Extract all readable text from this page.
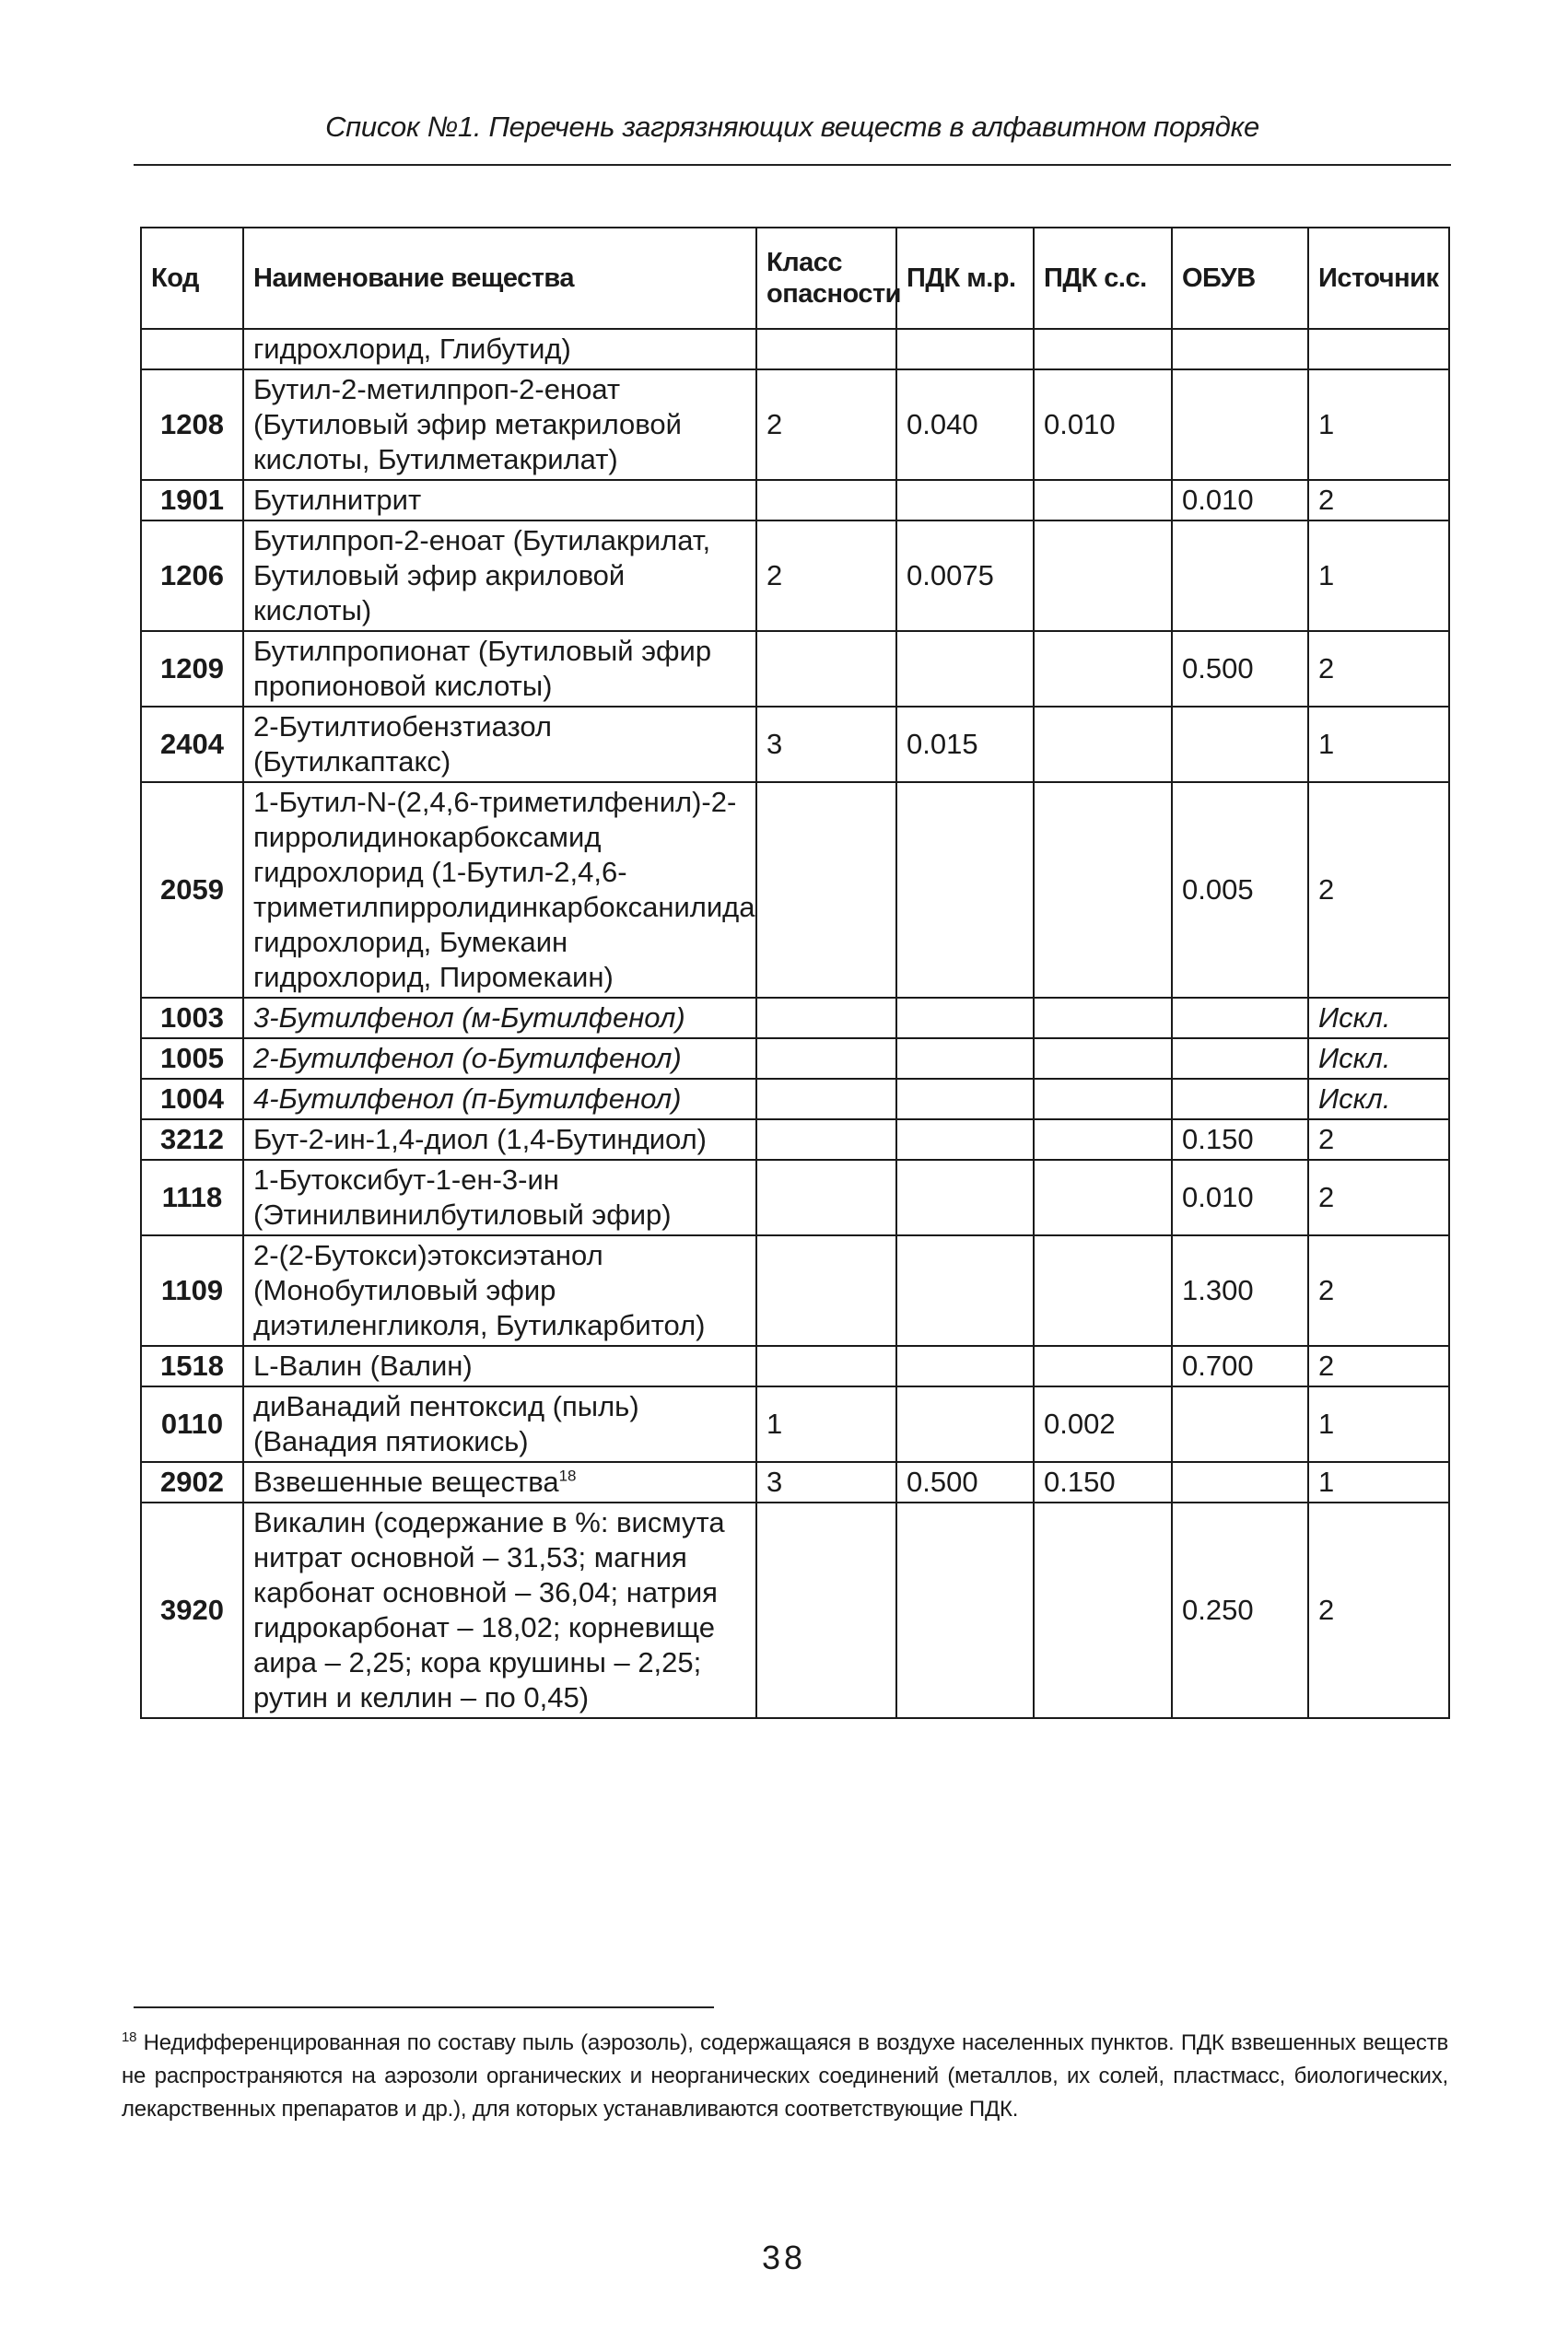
Список №1. Перечень загрязняющих веществ в алфавитном порядке
Код	Наименование вещества	Класс опасности	ПДК м.р.	ПДК с.с.	ОБУВ	Источник
	гидрохлорид, Глибутид)					
1208	Бутил-2-метилпроп-2-еноат (Бутиловый эфир метакриловой кислоты, Бутилметакрилат)	2	0.040	0.010		1
1901	Бутилнитрит				0.010	2
1206	Бутилпроп-2-еноат (Бутилакрилат, Бутиловый эфир акриловой кислоты)	2	0.0075			1
1209	Бутилпропионат (Бутиловый эфир пропионовой кислоты)				0.500	2
2404	2-Бутилтиобензтиазол (Бутилкаптакс)	3	0.015			1
2059	1-Бутил-N-(2,4,6-триметилфенил)-2-пирролидинокарбоксамид гидрохлорид (1-Бутил-2,4,6-триметилпирролидинкарбоксанилида гидрохлорид, Бумекаин гидрохлорид, Пиромекаин)				0.005	2
1003	3-Бутилфенол (м-Бутилфенол)					Искл.
1005	2-Бутилфенол (о-Бутилфенол)					Искл.
1004	4-Бутилфенол (п-Бутилфенол)					Искл.
3212	Бут-2-ин-1,4-диол (1,4-Бутиндиол)				0.150	2
1118	1-Бутоксибут-1-ен-3-ин (Этинилвинилбутиловый эфир)				0.010	2
1109	2-(2-Бутокси)этоксиэтанол (Монобутиловый эфир диэтиленгликоля, Бутилкарбитол)				1.300	2
1518	L-Валин (Валин)				0.700	2
0110	диВанадий пентоксид (пыль) (Ванадия пятиокись)	1		0.002		1
2902	Взвешенные вещества$^{18}$	3	0.500	0.150		1
3920	Викалин (содержание в %: висмута нитрат основной – 31,53; магния карбонат основной – 36,04; натрия гидрокарбонат – 18,02; корневище аира – 2,25; кора крушины – 2,25; рутин и келлин – по 0,45)				0.250	2
$^{18}$ Недифференцированная по составу пыль (аэрозоль), содержащаяся в воздухе населенных пунктов. ПДК взвешенных веществ не распространяются на аэрозоли органических и неорганических соединений (металлов, их солей, пластмасс, биологических, лекарственных препаратов и др.), для которых устанавливаются соответствующие ПДК.
38
